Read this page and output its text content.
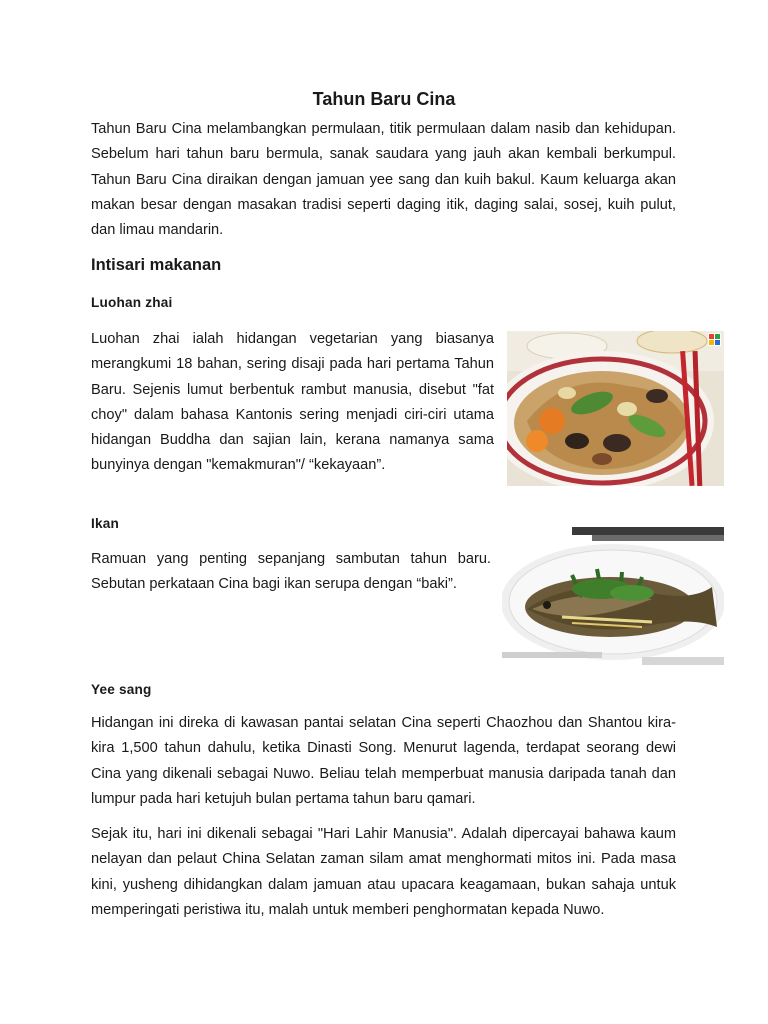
Tahun Baru Cina

Tahun Baru Cina melambangkan permulaan, titik permulaan dalam nasib dan kehidupan. Sebelum hari tahun baru bermula, sanak saudara yang jauh akan kembali berkumpul. Tahun Baru Cina diraikan dengan jamuan yee sang dan kuih bakul. Kaum keluarga akan makan besar dengan masakan tradisi seperti daging itik, daging salai, sosej, kuih pulut, dan limau mandarin.

Intisari makanan
Luohan zhai

Luohan zhai ialah hidangan vegetarian yang biasanya merangkumi 18 bahan, sering disaji pada hari pertama Tahun Baru. Sejenis lumut berbentuk rambut manusia, disebut "fat choy" dalam bahasa Kantonis sering menjadi ciri-ciri utama hidangan Buddha dan sajian lain, kerana namanya sama bunyinya dengan "kemakmuran"/ “kekayaan”.

Ikan

Ramuan yang penting sepanjang sambutan tahun baru. Sebutan perkataan Cina bagi ikan serupa dengan “baki”.

Yee sang

Hidangan ini direka di kawasan pantai selatan Cina seperti Chaozhou dan Shantou kira-kira 1,500 tahun dahulu, ketika Dinasti Song. Menurut lagenda, terdapat seorang dewi Cina yang dikenali sebagai Nuwo. Beliau telah memperbuat manusia daripada tanah dan lumpur pada hari ketujuh bulan pertama tahun baru qamari.

Sejak itu, hari ini dikenali sebagai "Hari Lahir Manusia". Adalah dipercayai bahawa kaum nelayan dan pelaut China Selatan zaman silam amat menghormati mitos ini. Pada masa kini, yusheng dihidangkan dalam jamuan atau upacara keagamaan, bukan sahaja untuk memperingati peristiwa itu, malah untuk memberi penghormatan kepada Nuwo.
